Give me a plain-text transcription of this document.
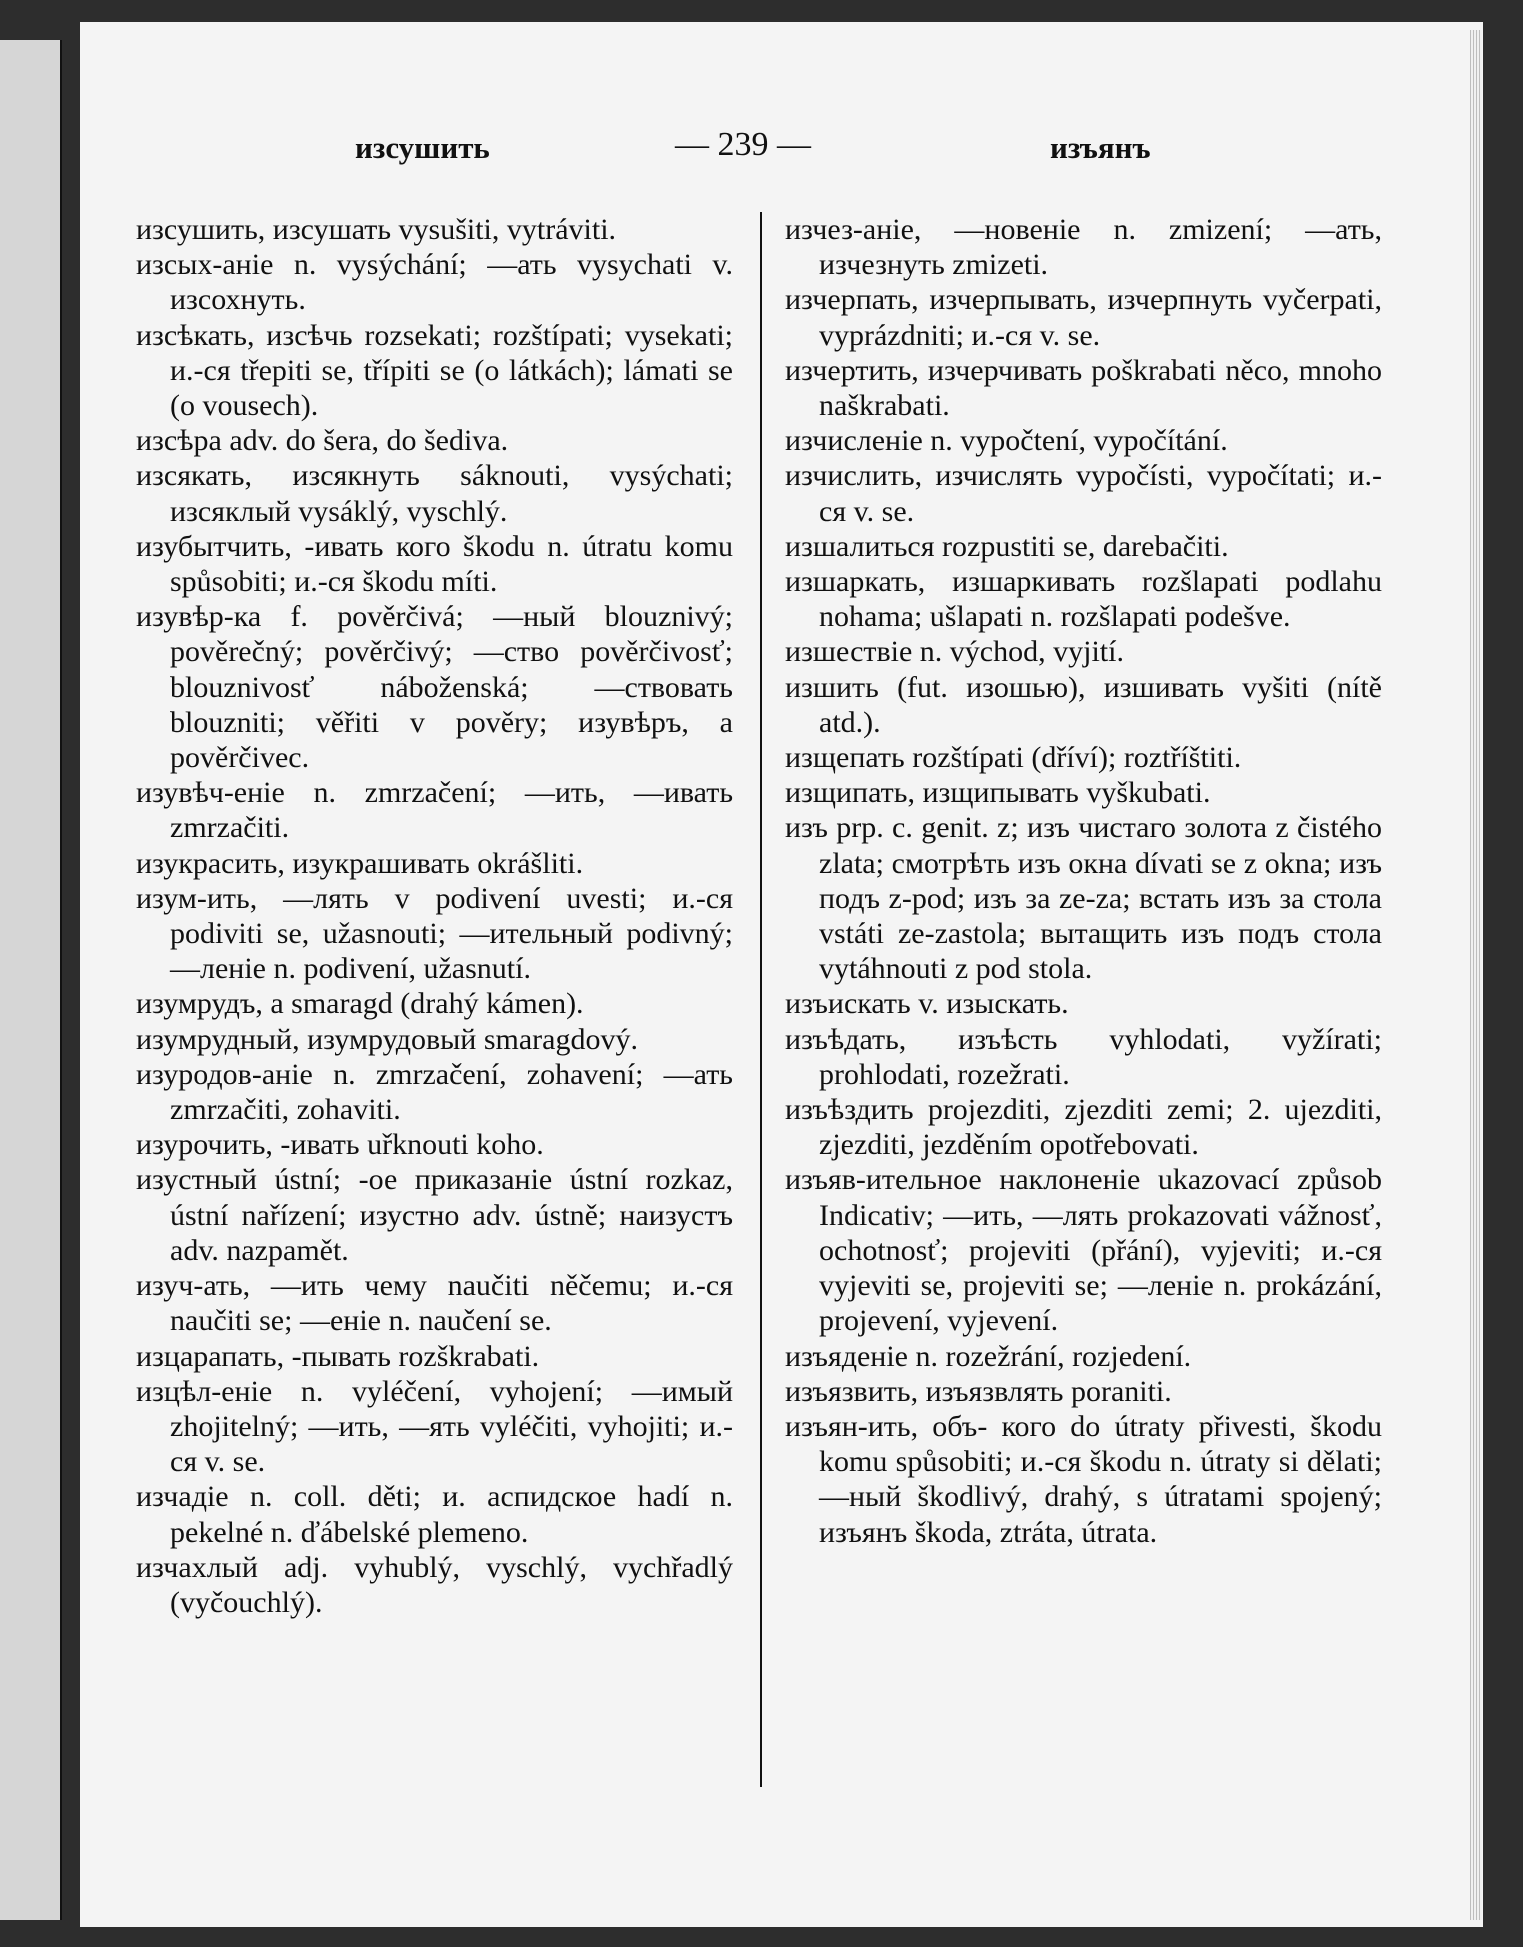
изсушить	— 239 —	изъянъ

изсушить, изсушать vysušiti, vytráviti.

изсых-аніе n. vysýchání; —ать vysychati v. изсохнуть.

изсѣкать, изсѣчь rozsekati; rozštípati; vysekati; и.-ся třepiti se, třípiti se (o látkách); lámati se (o vousech).

изсѣра adv. do šera, do šediva.

изсякать, изсякнуть sáknouti, vysýchati; изсяклый vysáklý, vyschlý.

изубытчить, -ивать кого škodu n. útratu komu spůsobiti; и.-ся škodu míti.

изувѣр-ка f. pověrčivá; —ный blouznivý; pověrečný; pověrčivý; —ство pověrčivosť; blouznivosť náboženská; —ствовать blouzniti; věřiti v pověry; изувѣръ, a pověrčivec.

изувѣч-еніе n. zmrzačení; —ить, —ивать zmrzačiti.

изукрасить, изукрашивать okrášliti.

изум-ить, —лять v podivení uvesti; и.-ся podiviti se, užasnouti; —ительный podivný; —леніе n. podivení, užasnutí.

изумрудъ, a smaragd (drahý kámen).

изумрудный, изумрудовый smaragdový.

изуродов-аніе n. zmrzačení, zohavení; —ать zmrzačiti, zohaviti.

изурочить, -ивать uřknouti koho.

изустный ústní; -ое приказаніе ústní rozkaz, ústní nařízení; изустно adv. ústně; наизустъ adv. nazpamět.

изуч-ать, —ить чему naučiti něčemu; и.-ся naučiti se; —еніе n. naučení se.

изцарапать, -пывать rozškrabati.

изцѣл-еніе n. vyléčení, vyhojení; —имый zhojitelný; —ить, —ять vyléčiti, vyhojiti; и.-ся v. se.

изчадіе n. coll. děti; и. аспидское hadí n. pekelné n. ďábelské plemeno.

изчахлый adj. vyhublý, vyschlý, vychřadlý (vyčouchlý).

изчез-аніе, —новеніе n. zmizení; —ать, изчезнуть zmizeti.

изчерпать, изчерпывать, изчерпнуть vyčerpati, vyprázdniti; и.-ся v. se.

изчертить, изчерчивать poškrabati něco, mnoho naškrabati.

изчисленіе n. vypočtení, vypočítání.

изчислить, изчислять vypočísti, vypočítati; и.-ся v. se.

изшалиться rozpustiti se, darebačiti.

изшаркать, изшаркивать rozšlapati podlahu nohama; ušlapati n. rozšlapati podešve.

изшествіе n. východ, vyjití.

изшить (fut. изошью), изшивать vyšiti (nítě atd.).

изщепать rozštípati (dříví); roztříštiti.

изщипать, изщипывать vyškubati.

изъ prp. c. genit. z; изъ чистаго золота z čistého zlata; смотрѣть изъ окна dívati se z okna; изъ подъ z-pod; изъ за ze-za; встать изъ за стола vstáti ze-zastola; вытащить изъ подъ стола vytáhnouti z pod stola.

изъискать v. изыскать.

изъѣдать, изъѣсть vyhlodati, vyžírati; prohlodati, rozežrati.

изъѣздить projezditi, zjezditi zemi; 2. ujezditi, zjezditi, jezděním opotřebovati.

изъяв-ительное наклоненіе ukazovací způsob Indicativ; —ить, —лять prokazovati vážnosť, ochotnosť; projeviti (přání), vyjeviti; и.-ся vyjeviti se, projeviti se; —леніе n. prokázání, projevení, vyjevení.

изъяденіе n. rozežrání, rozjedení.

изъязвить, изъязвлять poraniti.

изъян-ить, объ- кого do útraty přivesti, škodu komu spůsobiti; и.-ся škodu n. útraty si dělati; —ный škodlivý, drahý, s útratami spojený; изъянъ škoda, ztráta, útrata.
